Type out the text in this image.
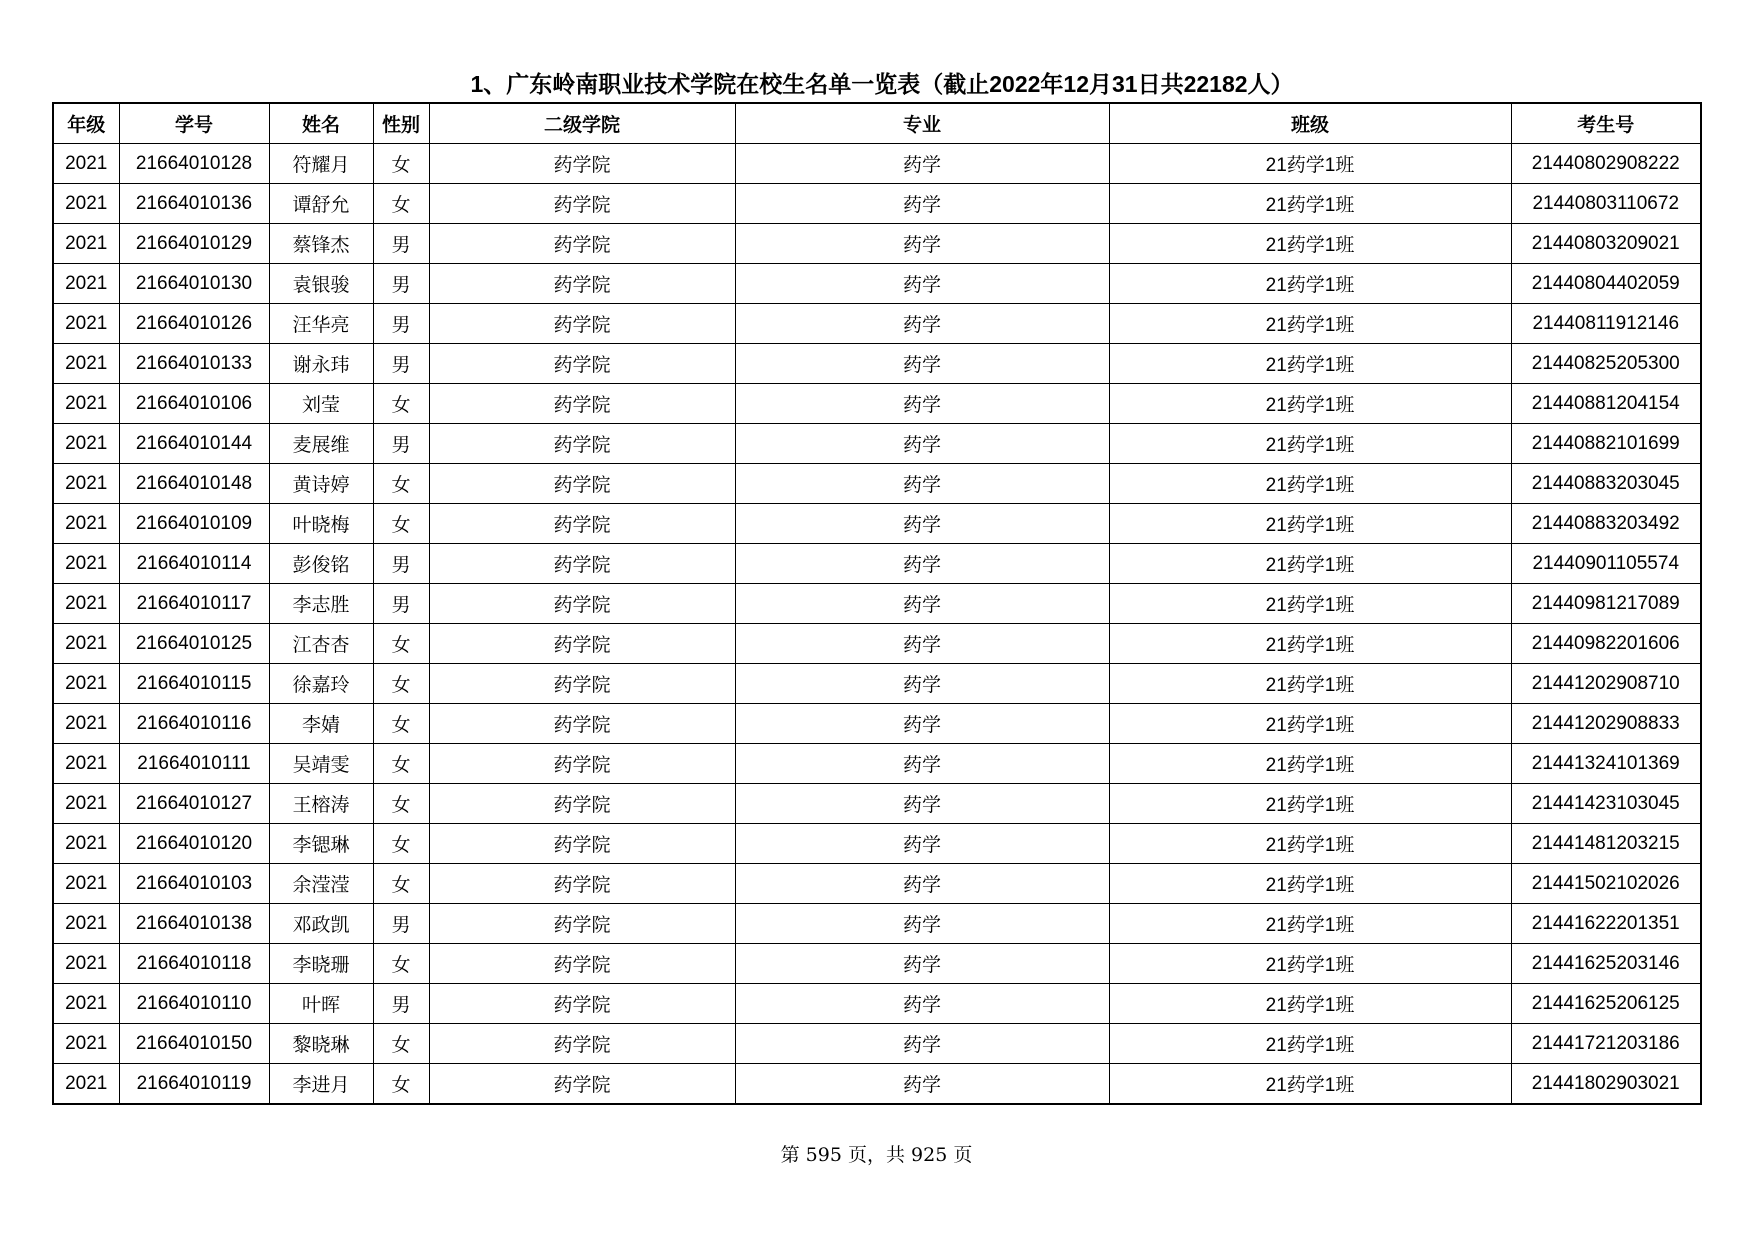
1、广东岭南职业技术学院在校生名单一览表（截止2022年12月31日共22182人）
年级	学号	姓名	性别	二级学院	专业	班级	考生号
2021	21664010128	符耀月	女	药学院	药学	21药学1班	21440802908222
2021	21664010136	谭舒允	女	药学院	药学	21药学1班	21440803110672
2021	21664010129	蔡锋杰	男	药学院	药学	21药学1班	21440803209021
2021	21664010130	袁银骏	男	药学院	药学	21药学1班	21440804402059
2021	21664010126	汪华亮	男	药学院	药学	21药学1班	21440811912146
2021	21664010133	谢永玮	男	药学院	药学	21药学1班	21440825205300
2021	21664010106	刘莹	女	药学院	药学	21药学1班	21440881204154
2021	21664010144	麦展维	男	药学院	药学	21药学1班	21440882101699
2021	21664010148	黄诗婷	女	药学院	药学	21药学1班	21440883203045
2021	21664010109	叶晓梅	女	药学院	药学	21药学1班	21440883203492
2021	21664010114	彭俊铭	男	药学院	药学	21药学1班	21440901105574
2021	21664010117	李志胜	男	药学院	药学	21药学1班	21440981217089
2021	21664010125	江杏杏	女	药学院	药学	21药学1班	21440982201606
2021	21664010115	徐嘉玲	女	药学院	药学	21药学1班	21441202908710
2021	21664010116	李婧	女	药学院	药学	21药学1班	21441202908833
2021	21664010111	吴靖雯	女	药学院	药学	21药学1班	21441324101369
2021	21664010127	王榕涛	女	药学院	药学	21药学1班	21441423103045
2021	21664010120	李锶琳	女	药学院	药学	21药学1班	21441481203215
2021	21664010103	余滢滢	女	药学院	药学	21药学1班	21441502102026
2021	21664010138	邓政凯	男	药学院	药学	21药学1班	21441622201351
2021	21664010118	李晓珊	女	药学院	药学	21药学1班	21441625203146
2021	21664010110	叶晖	男	药学院	药学	21药学1班	21441625206125
2021	21664010150	黎晓琳	女	药学院	药学	21药学1班	21441721203186
2021	21664010119	李进月	女	药学院	药学	21药学1班	21441802903021
第 595 页，共 925 页
